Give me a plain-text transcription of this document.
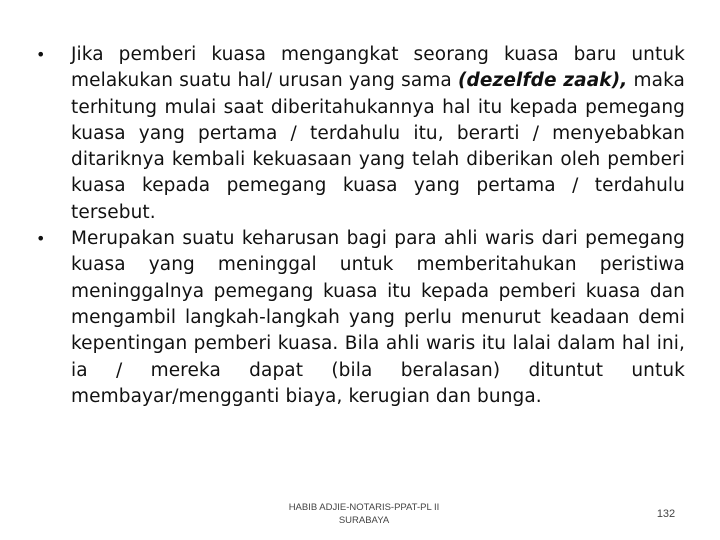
• Jika pemberi kuasa mengangkat seorang kuasa baru untuk melakukan suatu hal/ urusan yang sama (dezelfde zaak), maka terhitung mulai saat diberitahukannya hal itu kepada pemegang kuasa yang pertama / terdahulu itu, berarti / menyebabkan ditariknya kembali kekuasaan yang telah diberikan oleh pemberi kuasa kepada pemegang kuasa yang pertama / terdahulu tersebut.
• Merupakan suatu keharusan bagi para ahli waris dari pemegang kuasa yang meninggal untuk memberitahukan peristiwa meninggalnya pemegang kuasa itu kepada pemberi kuasa dan mengambil langkah-langkah yang perlu menurut keadaan demi kepentingan pemberi kuasa. Bila ahli waris itu lalai dalam hal ini, ia / mereka dapat (bila beralasan) dituntut untuk membayar/mengganti biaya, kerugian dan bunga.
HABIB ADJIE-NOTARIS-PPAT-PL II
SURABAYA
132
